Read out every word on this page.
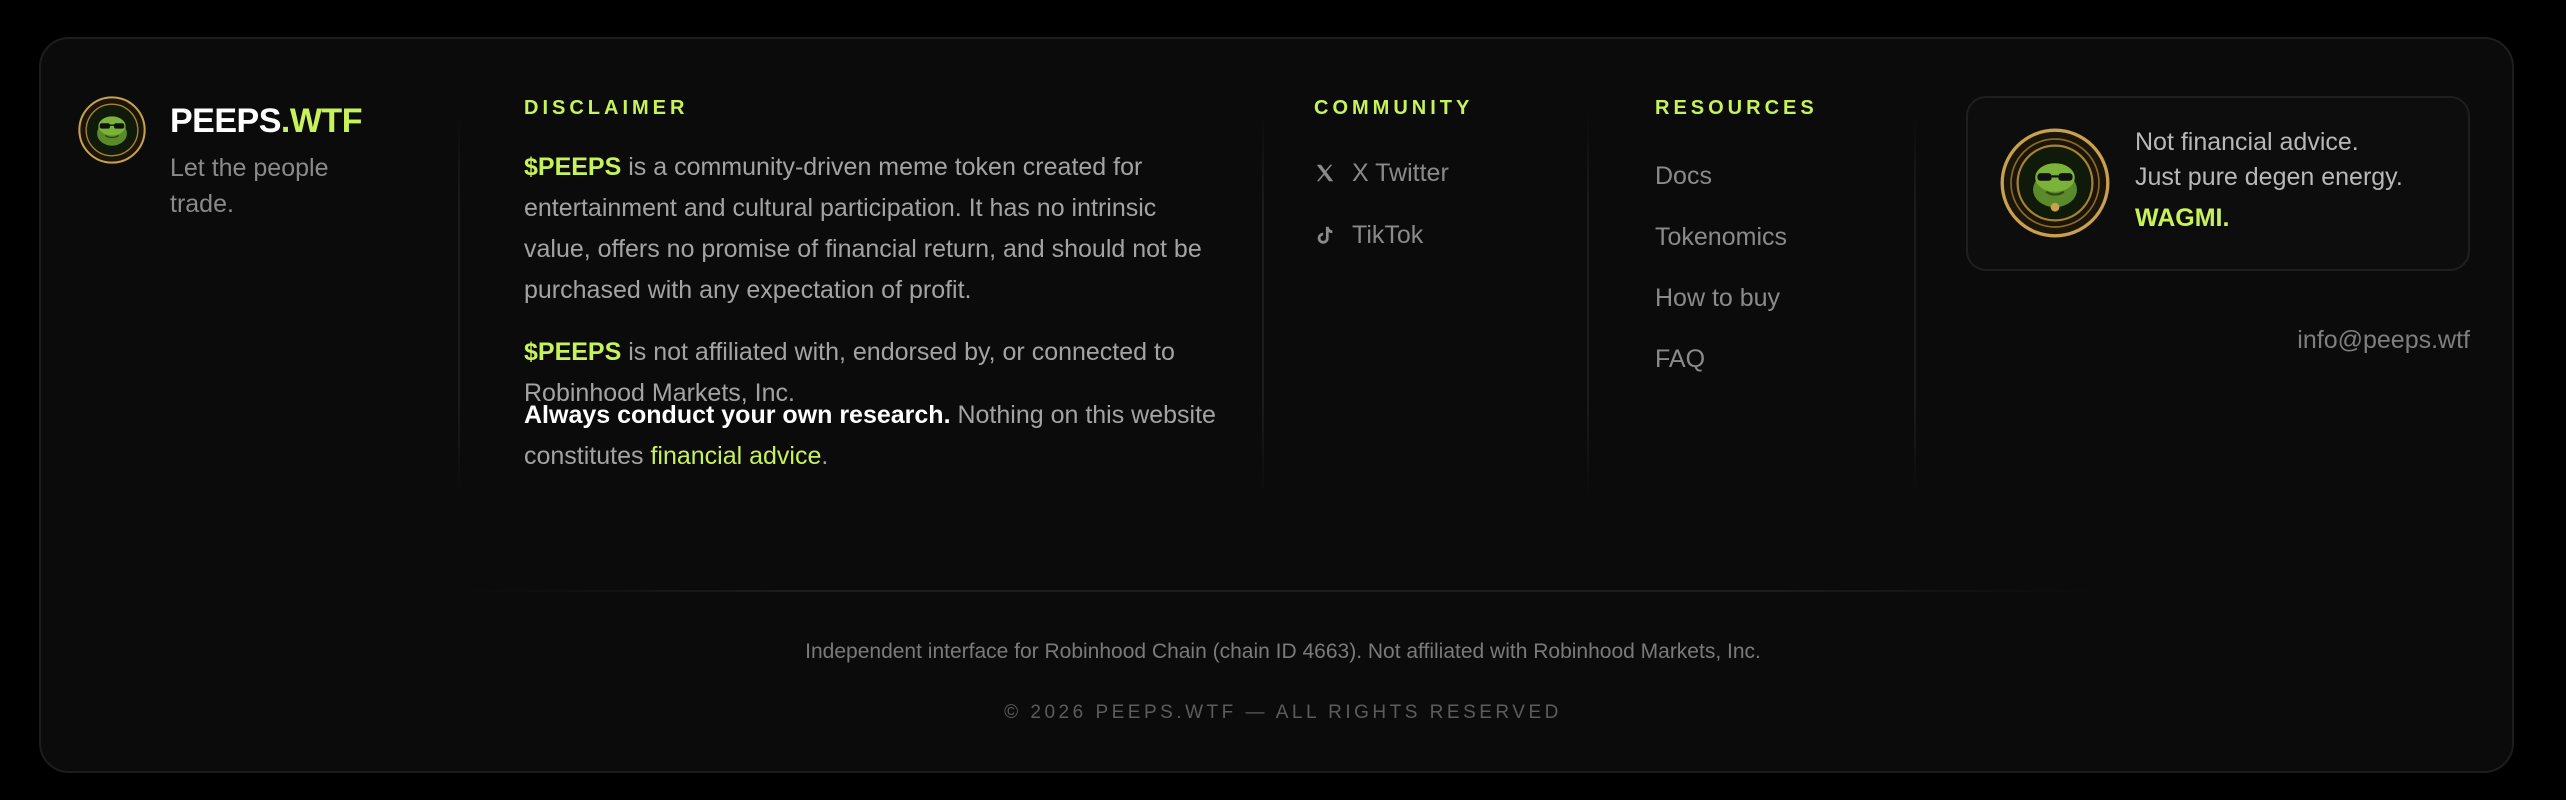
PEEPS.WTF
Let the people trade.
DISCLAIMER

$PEEPS is a community-driven meme token created for entertainment and cultural participation. It has no intrinsic value, offers no promise of financial return, and should not be purchased with any expectation of profit.

$PEEPS is not affiliated with, endorsed by, or connected to Robinhood Markets, Inc.

Always conduct your own research. Nothing on this website constitutes financial advice.

COMMUNITY
X Twitter
TikTok
RESOURCES
Docs
Tokenomics
How to buy
FAQ
Not financial advice.
Just pure degen energy.
WAGMI.
info@peeps.wtf
Independent interface for Robinhood Chain (chain ID 4663). Not affiliated with Robinhood Markets, Inc.
© 2026 PEEPS.WTF — ALL RIGHTS RESERVED
